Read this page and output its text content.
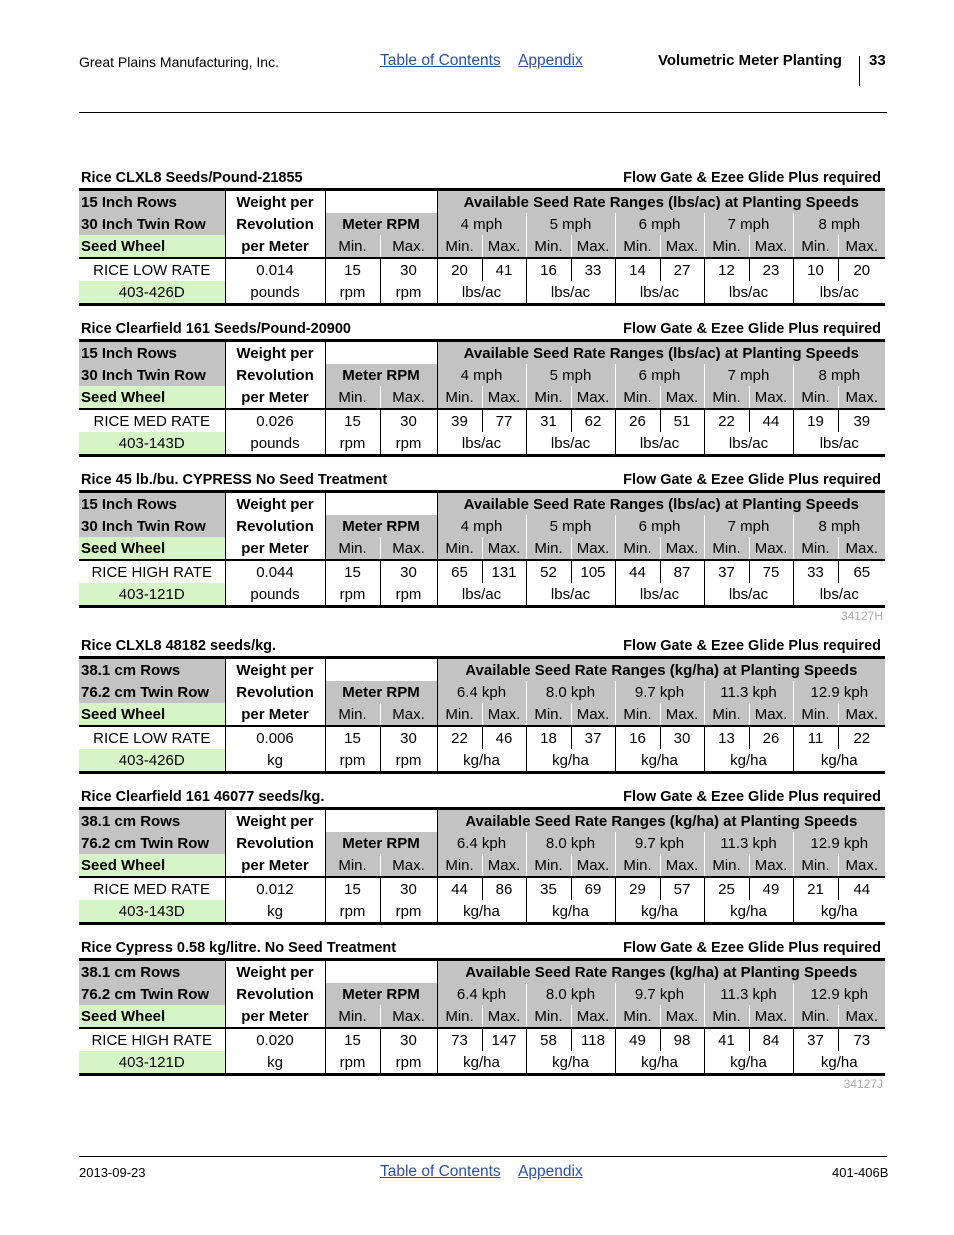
Great Plains Manufacturing, Inc.	Table of Contents Appendix	Volumetric Meter Planting 33
Rice CLXL8 Seeds/Pound-21855	Flow Gate & Ezee Glide Plus required
15 Inch Rows	Weight per			Available Seed Rate Ranges (lbs/ac) at Planting Speeds									
30 Inch Twin Row	Revolution	Meter RPM		4 mph		5 mph		6 mph		7 mph		8 mph	
Seed Wheel	per Meter	Min.	Max.	Min.	Max.	Min.	Max.	Min.	Max.	Min.	Max.	Min.	Max.
RICE LOW RATE	0.014	15	30	20	41	16	33	14	27	12	23	10	20
403-426D	pounds	rpm	rpm	lbs/ac		lbs/ac		lbs/ac		lbs/ac		lbs/ac	
Rice Clearfield 161 Seeds/Pound-20900	Flow Gate & Ezee Glide Plus required
15 Inch Rows	Weight per			Available Seed Rate Ranges (lbs/ac) at Planting Speeds									
30 Inch Twin Row	Revolution	Meter RPM		4 mph		5 mph		6 mph		7 mph		8 mph	
Seed Wheel	per Meter	Min.	Max.	Min.	Max.	Min.	Max.	Min.	Max.	Min.	Max.	Min.	Max.
RICE MED RATE	0.026	15	30	39	77	31	62	26	51	22	44	19	39
403-143D	pounds	rpm	rpm	lbs/ac		lbs/ac		lbs/ac		lbs/ac		lbs/ac	
Rice 45 lb./bu. CYPRESS No Seed Treatment	Flow Gate & Ezee Glide Plus required
15 Inch Rows	Weight per			Available Seed Rate Ranges (lbs/ac) at Planting Speeds									
30 Inch Twin Row	Revolution	Meter RPM		4 mph		5 mph		6 mph		7 mph		8 mph	
Seed Wheel	per Meter	Min.	Max.	Min.	Max.	Min.	Max.	Min.	Max.	Min.	Max.	Min.	Max.
RICE HIGH RATE	0.044	15	30	65	131	52	105	44	87	37	75	33	65
403-121D	pounds	rpm	rpm	lbs/ac		lbs/ac		lbs/ac		lbs/ac		lbs/ac	
34127H
Rice CLXL8 48182 seeds/kg.	Flow Gate & Ezee Glide Plus required
38.1 cm Rows	Weight per			Available Seed Rate Ranges (kg/ha) at Planting Speeds									
76.2 cm Twin Row	Revolution	Meter RPM		6.4 kph		8.0 kph		9.7 kph		11.3 kph		12.9 kph	
Seed Wheel	per Meter	Min.	Max.	Min.	Max.	Min.	Max.	Min.	Max.	Min.	Max.	Min.	Max.
RICE LOW RATE	0.006	15	30	22	46	18	37	16	30	13	26	11	22
403-426D	kg	rpm	rpm	kg/ha		kg/ha		kg/ha		kg/ha		kg/ha	
Rice Clearfield 161 46077 seeds/kg.	Flow Gate & Ezee Glide Plus required
38.1 cm Rows	Weight per			Available Seed Rate Ranges (kg/ha) at Planting Speeds									
76.2 cm Twin Row	Revolution	Meter RPM		6.4 kph		8.0 kph		9.7 kph		11.3 kph		12.9 kph	
Seed Wheel	per Meter	Min.	Max.	Min.	Max.	Min.	Max.	Min.	Max.	Min.	Max.	Min.	Max.
RICE MED RATE	0.012	15	30	44	86	35	69	29	57	25	49	21	44
403-143D	kg	rpm	rpm	kg/ha		kg/ha		kg/ha		kg/ha		kg/ha	
Rice Cypress 0.58 kg/litre. No Seed Treatment	Flow Gate & Ezee Glide Plus required
38.1 cm Rows	Weight per			Available Seed Rate Ranges (kg/ha) at Planting Speeds									
76.2 cm Twin Row	Revolution	Meter RPM		6.4 kph		8.0 kph		9.7 kph		11.3 kph		12.9 kph	
Seed Wheel	per Meter	Min.	Max.	Min.	Max.	Min.	Max.	Min.	Max.	Min.	Max.	Min.	Max.
RICE HIGH RATE	0.020	15	30	73	147	58	118	49	98	41	84	37	73
403-121D	kg	rpm	rpm	kg/ha		kg/ha		kg/ha		kg/ha		kg/ha	
34127J
2013-09-23	Table of Contents Appendix	401-406B
